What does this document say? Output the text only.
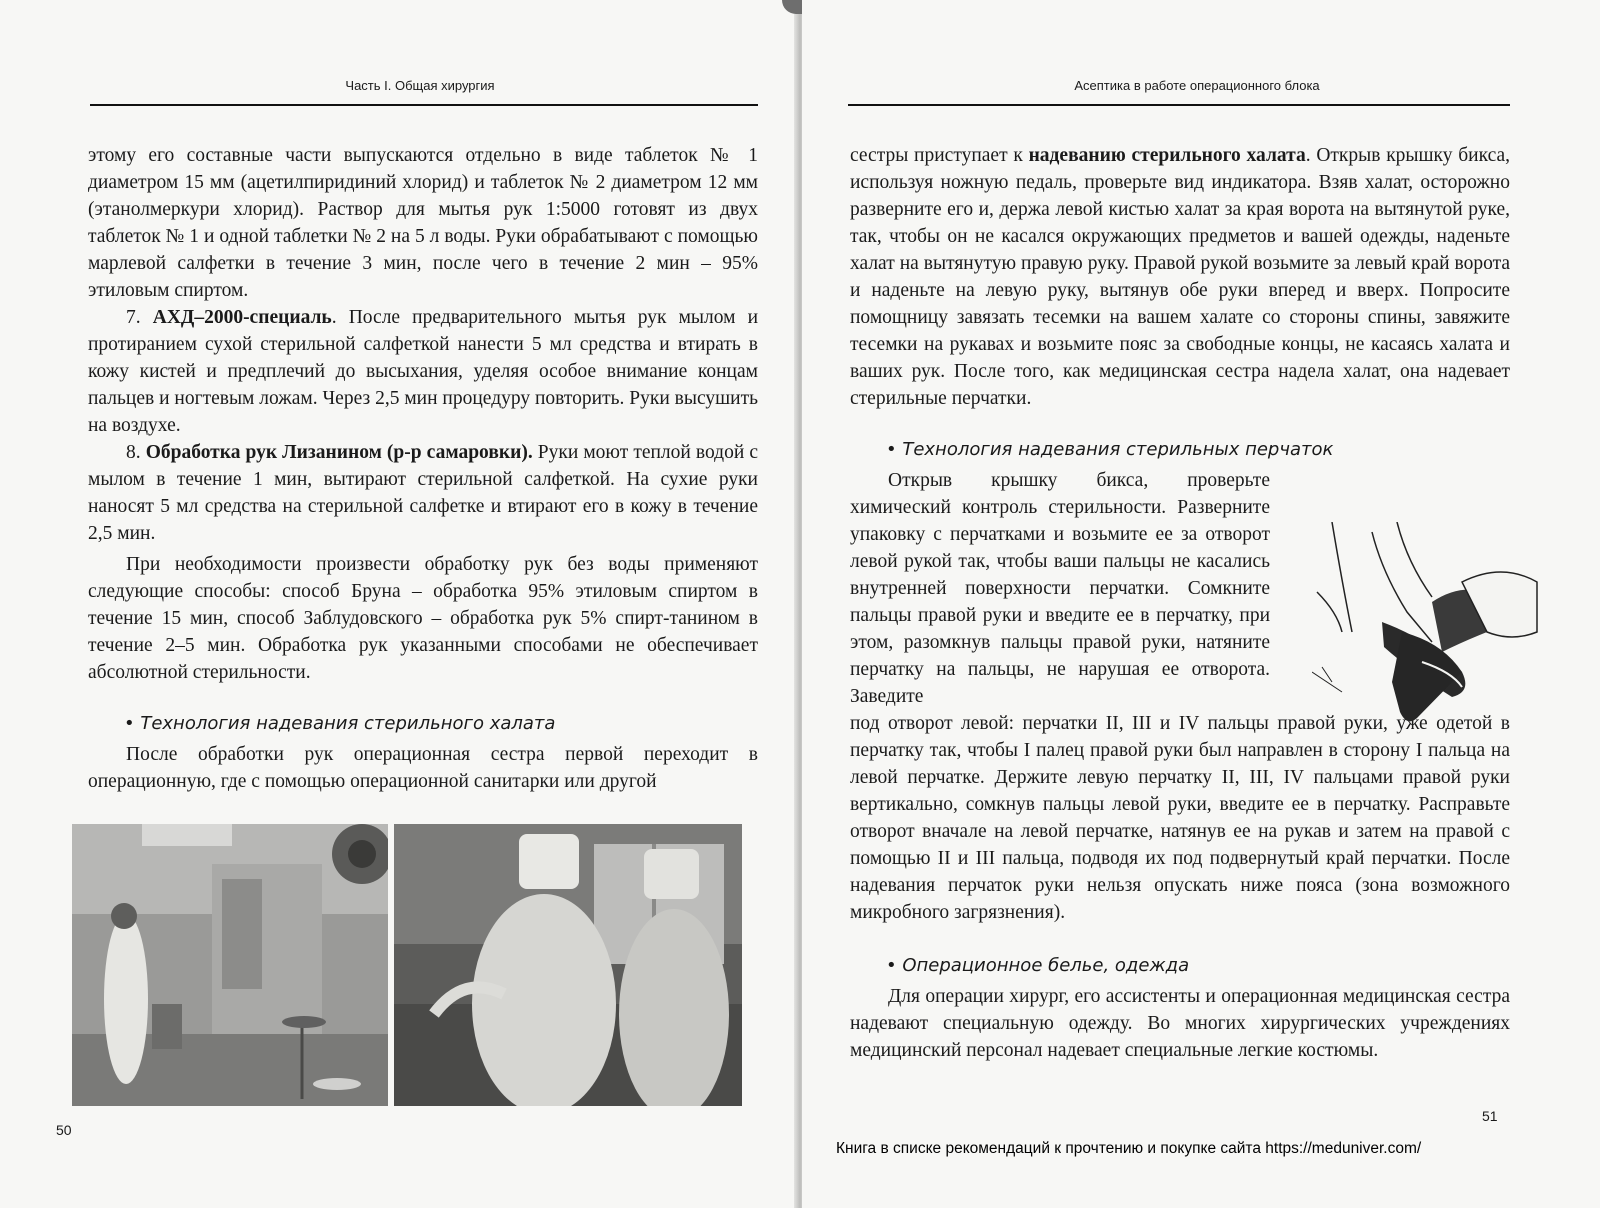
Часть I. Общая хирургия

этому его составные части выпускаются отдельно в виде таблеток № 1 диаметром 15 мм (ацетилпиридиний хлорид) и таблеток № 2 диаметром 12 мм (этанолмеркури хлорид). Раствор для мытья рук 1:5000 готовят из двух таблеток № 1 и одной таблетки № 2 на 5 л воды. Руки обрабатывают с помощью марлевой салфетки в течение 3 мин, после чего в течение 2 мин – 95% этиловым спиртом.

7. АХД–2000-специаль. После предварительного мытья рук мылом и протиранием сухой стерильной салфеткой нанести 5 мл средства и втирать в кожу кистей и предплечий до высыхания, уделяя особое внимание концам пальцев и ногтевым ложам. Через 2,5 мин процедуру повторить. Руки высушить на воздухе.

8. Обработка рук Лизанином (р-р самаровки). Руки моют теплой водой с мылом в течение 1 мин, вытирают стерильной салфеткой. На сухие руки наносят 5 мл средства на стерильной салфетке и втирают его в кожу в течение 2,5 мин.

При необходимости произвести обработку рук без воды применяют следующие способы: способ Бруна – обработка 95% этиловым спиртом в течение 15 мин, способ Заблудовского – обработка рук 5% спирт-танином в течение 2–5 мин. Обработка рук указанными способами не обеспечивает абсолютной стерильности.

• Технология надевания стерильного халата

После обработки рук операционная сестра первой переходит в операционную, где с помощью операционной санитарки или другой

50
Асептика в работе операционного блока

сестры приступает к надеванию стерильного халата. Открыв крышку бикса, используя ножную педаль, проверьте вид индикатора. Взяв халат, осторожно разверните его и, держа левой кистью халат за края ворота на вытянутой руке, так, чтобы он не касался окружающих предметов и вашей одежды, наденьте халат на вытянутую правую руку. Правой рукой возьмите за левый край ворота и наденьте на левую руку, вытянув обе руки вперед и вверх. Попросите помощницу завязать тесемки на вашем халате со стороны спины, завяжите тесемки на рукавах и возьмите пояс за свободные концы, не касаясь халата и ваших рук. После того, как медицинская сестра надела халат, она надевает стерильные перчатки.

• Технология надевания стерильных перчаток

Открыв крышку бикса, проверьте химический контроль стерильности. Разверните упаковку с перчатками и возьмите ее за отворот левой рукой так, чтобы ваши пальцы не касались внутренней поверхности перчатки. Сомкните пальцы правой руки и введите ее в перчатку, при этом, разомкнув пальцы правой руки, натяните перчатку на пальцы, не нарушая ее отворота. Заведите

под отворот левой: перчатки II, III и IV пальцы правой руки, уже одетой в перчатку так, чтобы I палец правой руки был направлен в сторону I пальца на левой перчатке. Держите левую перчатку II, III, IV пальцами правой руки вертикально, сомкнув пальцы левой руки, введите ее в перчатку. Расправьте отворот вначале на левой перчатке, натянув ее на рукав и затем на правой с помощью II и III пальца, подводя их под подвернутый край перчатки. После надевания перчаток руки нельзя опускать ниже пояса (зона возможного микробного загрязнения).

• Операционное белье, одежда

Для операции хирург, его ассистенты и операционная медицинская сестра надевают специальную одежду. Во многих хирургических учреждениях медицинский персонал надевает специальные легкие костюмы.

51
Книга в списке рекомендаций к прочтению и покупке сайта https://meduniver.com/
